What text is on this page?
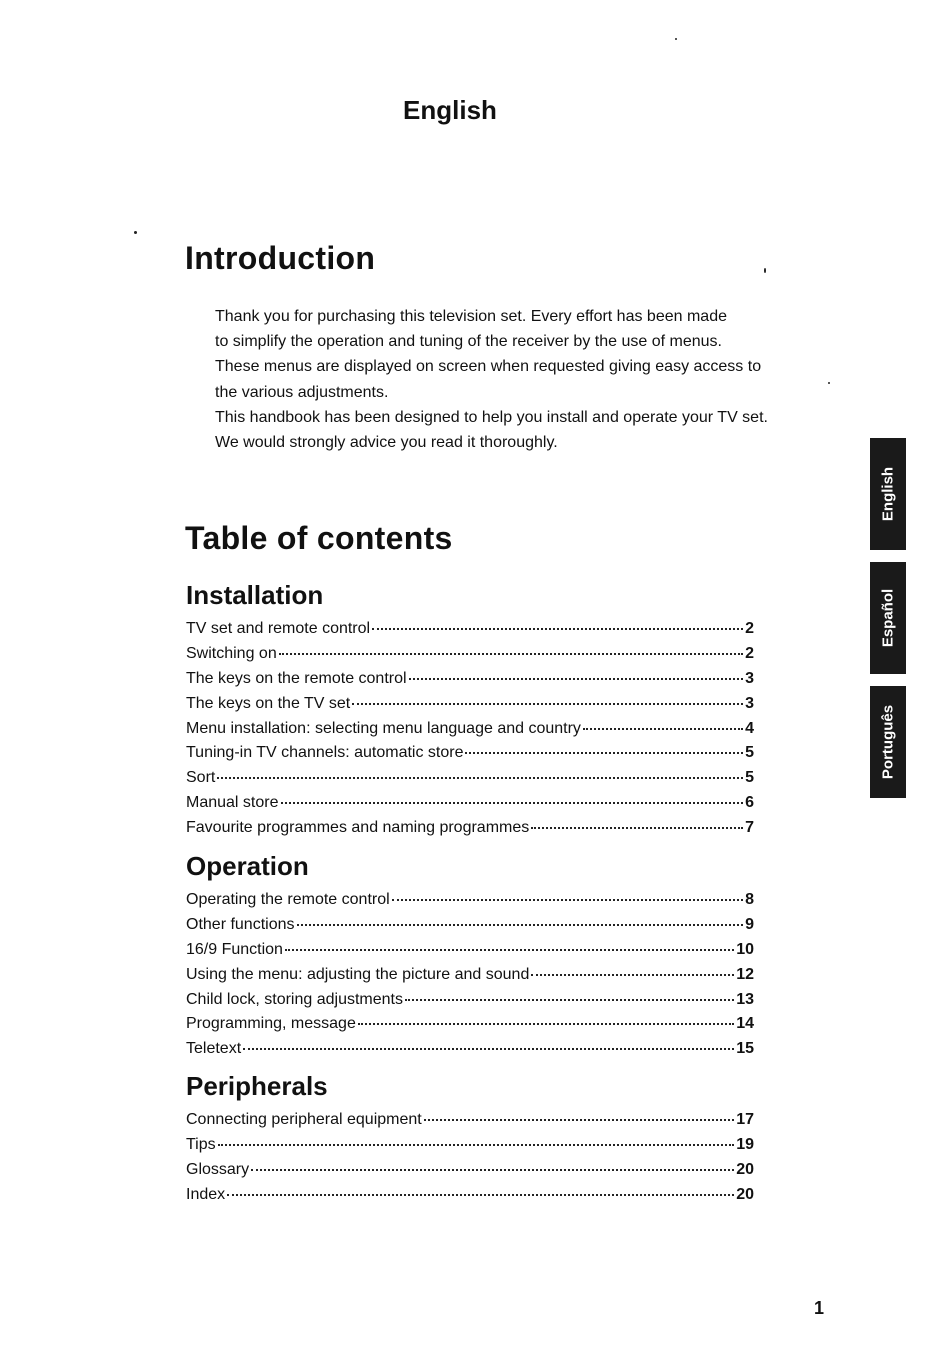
English
Introduction
Thank you for purchasing this television set. Every effort has been made
to simplify the operation and tuning of the receiver by the use of menus.
These menus are displayed on screen when requested giving easy access to
the various adjustments.
This handbook has been designed to help you install and operate your TV set.
We would strongly advice you read it thoroughly.
Table of contents
Installation
TV set and remote control	2
Switching on	2
The keys on the remote control	3
The keys on the TV set	3
Menu installation: selecting menu language and country	4
Tuning-in TV channels: automatic store	5
Sort	5
Manual store	6
Favourite programmes and naming programmes	7
Operation
Operating the remote control	8
Other functions	9
16/9 Function	10
Using the menu: adjusting the picture and sound	12
Child lock, storing adjustments	13
Programming, message	14
Teletext	15
Peripherals
Connecting peripheral equipment	17
Tips	19
Glossary	20
Index	20
English
Español
Português
1
